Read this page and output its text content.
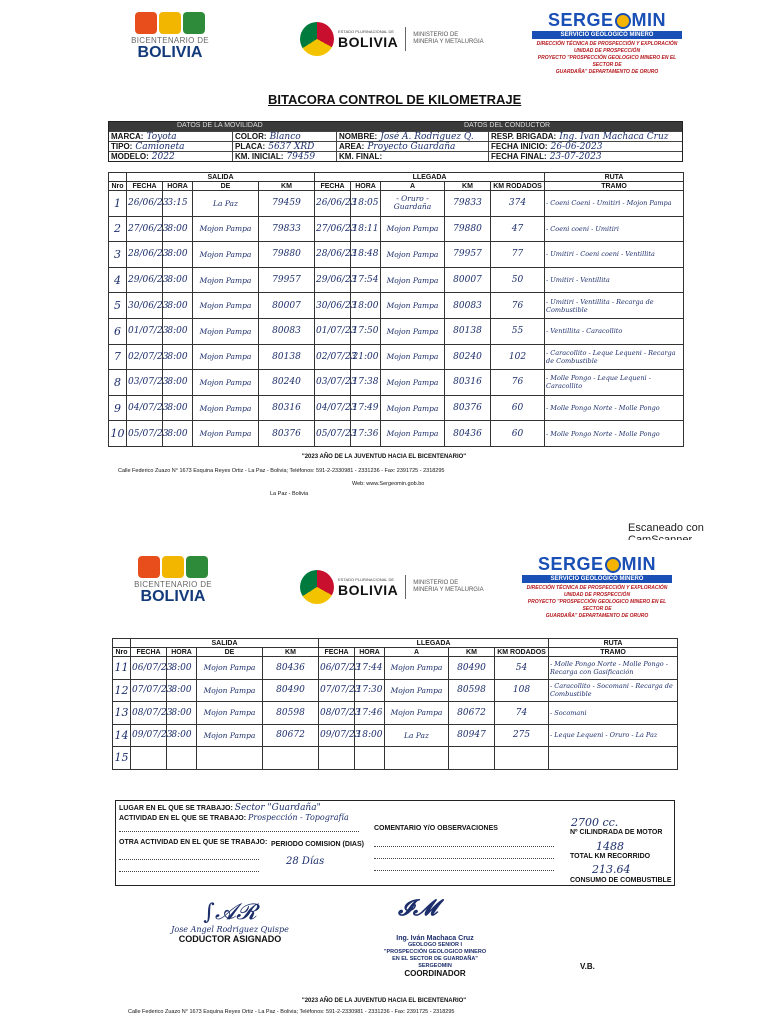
BICENTENARIO DE
BOLIVIA
ESTADO PLURINACIONAL DE
BOLIVIA	MINISTERIO DE
MINERIA Y METALURGIA
SERGE MIN
SERVICIO GEOLÓGICO MINERO
DIRECCIÓN TÉCNICA DE PROSPECCIÓN Y EXPLORACIÓN
UNIDAD DE PROSPECCIÓN
PROYECTO "PROSPECCIÓN GEOLOGICO MINERO EN EL SECTOR DE
GUARDAÑA" DEPARTAMENTO DE ORURO
BITACORA CONTROL DE KILOMETRAJE
DATOS DE LA MOVILIDAD	DATOS DEL CONDUCTOR
MARCA: Toyota	COLOR: Blanco	NOMBRE: José A. Rodriguez Q. RESP. BRIGADA: Ing. Ivan Machaca Cruz
TIPO: Camioneta	PLACA: 5637 XRD	AREA: Proyecto Guardaña	FECHA INICIO: 26-06-2023
MODELO: 2022	KM. INICIAL: 79459	KM. FINAL:	FECHA FINAL: 23-07-2023
	SALIDA				LLEGADA					RUTA
Nro	FECHA	HORA	DE	KM	FECHA	HORA	A	KM	KM RODADOS	TRAMO
1	26/06/23	3:15	La Paz	79459	26/06/23	18:05	- Oruro - Guardaña	79833	374	- Coeni Coeni - Umitiri - Mojon Pampa
2	27/06/23	8:00	Mojon Pampa	79833	27/06/23	18:11	Mojon Pampa	79880	47	- Coeni coeni - Umitiri
3	28/06/23	8:00	Mojon Pampa	79880	28/06/23	18:48	Mojon Pampa	79957	77	- Umitiri - Coeni coeni - Ventillita
4	29/06/23	8:00	Mojon Pampa	79957	29/06/23	17:54	Mojon Pampa	80007	50	- Umitiri - Ventillita
5	30/06/23	8:00	Mojon Pampa	80007	30/06/23	18:00	Mojon Pampa	80083	76	- Umitiri - Ventillita - Recarga de Combustible
6	01/07/23	8:00	Mojon Pampa	80083	01/07/23	17:50	Mojon Pampa	80138	55	- Ventillita - Caracollito
7	02/07/23	8:00	Mojon Pampa	80138	02/07/23	21:00	Mojon Pampa	80240	102	- Caracollito - Leque Lequeni - Recarga de Combustible
8	03/07/23	8:00	Mojon Pampa	80240	03/07/23	17:38	Mojon Pampa	80316	76	- Molle Pongo - Leque Lequeni - Caracollito
9	04/07/23	8:00	Mojon Pampa	80316	04/07/23	17:49	Mojon Pampa	80376	60	- Molle Pongo Norte - Molle Pongo
10	05/07/23	8:00	Mojon Pampa	80376	05/07/23	17:36	Mojon Pampa	80436	60	- Molle Pongo Norte - Molle Pongo
"2023 AÑO DE LA JUVENTUD HACIA EL BICENTENARIO"
Calle Federico Zuazo N° 1673 Esquina Reyes Ortiz - La Paz - Bolivia; Teléfonos: 591-2-2330981 - 2331236 - Fax: 2391725 - 2318295
Web: www.Sergeomin.gob.bo
La Paz - Bolivia
Escaneado con
BICENTENARIO DE
BOLIVIA
ESTADO PLURINACIONAL DE
BOLIVIA	MINISTERIO DE
MINERIA Y METALURGIA
SERGE MIN
SERVICIO GEOLÓGICO MINERO
DIRECCIÓN TÉCNICA DE PROSPECCIÓN Y EXPLORACIÓN
UNIDAD DE PROSPECCIÓN
PROYECTO "PROSPECCIÓN GEOLOGICO MINERO EN EL SECTOR DE
GUARDAÑA" DEPARTAMENTO DE ORURO
	SALIDA				LLEGADA					RUTA
Nro	FECHA	HORA	DE	KM	FECHA	HORA	A	KM	KM RODADOS	TRAMO
11	06/07/23	8:00	Mojon Pampa	80436	06/07/23	17:44	Mojon Pampa	80490	54	- Molle Pongo Norte - Molle Pongo - Recarga con Gasificación
12	07/07/23	8:00	Mojon Pampa	80490	07/07/23	17:30	Mojon Pampa	80598	108	- Caracollito - Socomani - Recarga de Combustible
13	08/07/23	8:00	Mojon Pampa	80598	08/07/23	17:46	Mojon Pampa	80672	74	- Socomani
14	09/07/23	8:00	Mojon Pampa	80672	09/07/23	18:00	La Paz	80947	275	- Leque Lequeni - Oruro - La Paz
15										
LUGAR EN EL QUE SE TRABAJO: Sector "Guardaña"
ACTIVIDAD EN EL QUE SE TRABAJO: Prospección - Topografía
OTRA ACTIVIDAD EN EL QUE SE TRABAJO: PERIODO COMISION (DIAS)
28 Días
COMENTARIO Y/O OBSERVACIONES	2700 cc.
Nº CILINDRADA DE MOTOR
1488
TOTAL KM RECORRIDO
213.64
CONSUMO DE COMBUSTIBLE
∫𝓐𝓡
Jose Angel Rodriguez Quispe
CODUCTOR ASIGNADO
𝓘𝓜
Ing. Iván Machaca Cruz
GEOLOGO SENIOR I
"PROSPECCIÓN GEOLOGICO MINERO EN EL SECTOR DE GUARDAÑA"
SERGEOMIN
COORDINADOR
V.B.
"2023 AÑO DE LA JUVENTUD HACIA EL BICENTENARIO"
Calle Federico Zuazo N° 1673 Esquina Reyes Ortiz - La Paz - Bolivia; Teléfonos: 591-2-2330981 - 2331236 - Fax: 2391725 - 2318295
